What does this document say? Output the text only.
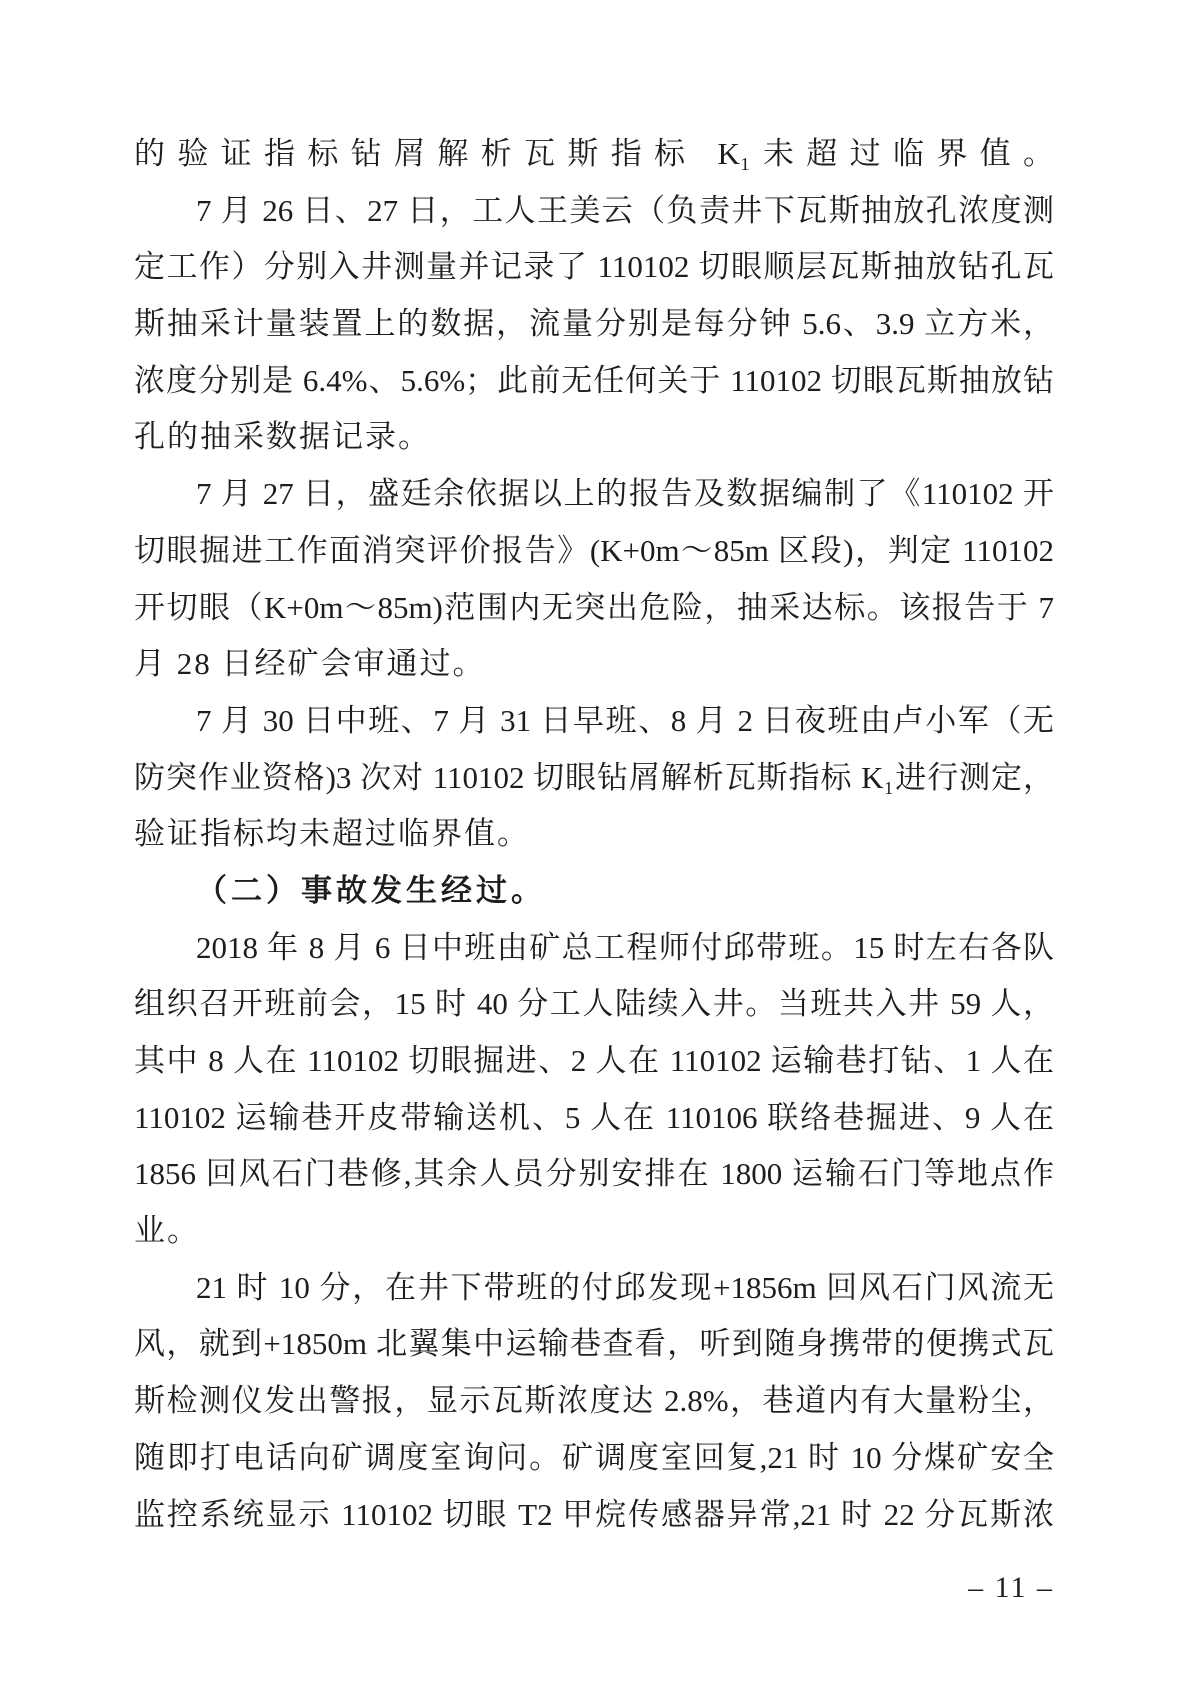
的验证指标钻屑解析瓦斯指标 K₁未超过临界值。
7 月 26 日、27 日，工人王美云（负责井下瓦斯抽放孔浓度测
定工作）分别入井测量并记录了 110102 切眼顺层瓦斯抽放钻孔瓦
斯抽采计量装置上的数据，流量分别是每分钟 5.6、3.9 立方米，
浓度分别是 6.4%、5.6%；此前无任何关于 110102 切眼瓦斯抽放钻
孔的抽采数据记录。
7 月 27 日，盛廷余依据以上的报告及数据编制了《110102 开
切眼掘进工作面消突评价报告》(K+0m～85m 区段)，判定 110102
开切眼（K+0m～85m)范围内无突出危险，抽采达标。该报告于 7
月 28 日经矿会审通过。
7 月 30 日中班、7 月 31 日早班、8 月 2 日夜班由卢小军（无
防突作业资格)3 次对 110102 切眼钻屑解析瓦斯指标 K₁进行测定，
验证指标均未超过临界值。
（二）事故发生经过。
2018 年 8 月 6 日中班由矿总工程师付邱带班。15 时左右各队
组织召开班前会，15 时 40 分工人陆续入井。当班共入井 59 人，
其中 8 人在 110102 切眼掘进、2 人在 110102 运输巷打钻、1 人在
110102 运输巷开皮带输送机、5 人在 110106 联络巷掘进、9 人在
1856 回风石门巷修,其余人员分别安排在 1800 运输石门等地点作
业。
21 时 10 分，在井下带班的付邱发现+1856m 回风石门风流无
风，就到+1850m 北翼集中运输巷查看，听到随身携带的便携式瓦
斯检测仪发出警报，显示瓦斯浓度达 2.8%，巷道内有大量粉尘，
随即打电话向矿调度室询问。矿调度室回复,21 时 10 分煤矿安全
监控系统显示 110102 切眼 T2 甲烷传感器异常,21 时 22 分瓦斯浓
– 11 –
